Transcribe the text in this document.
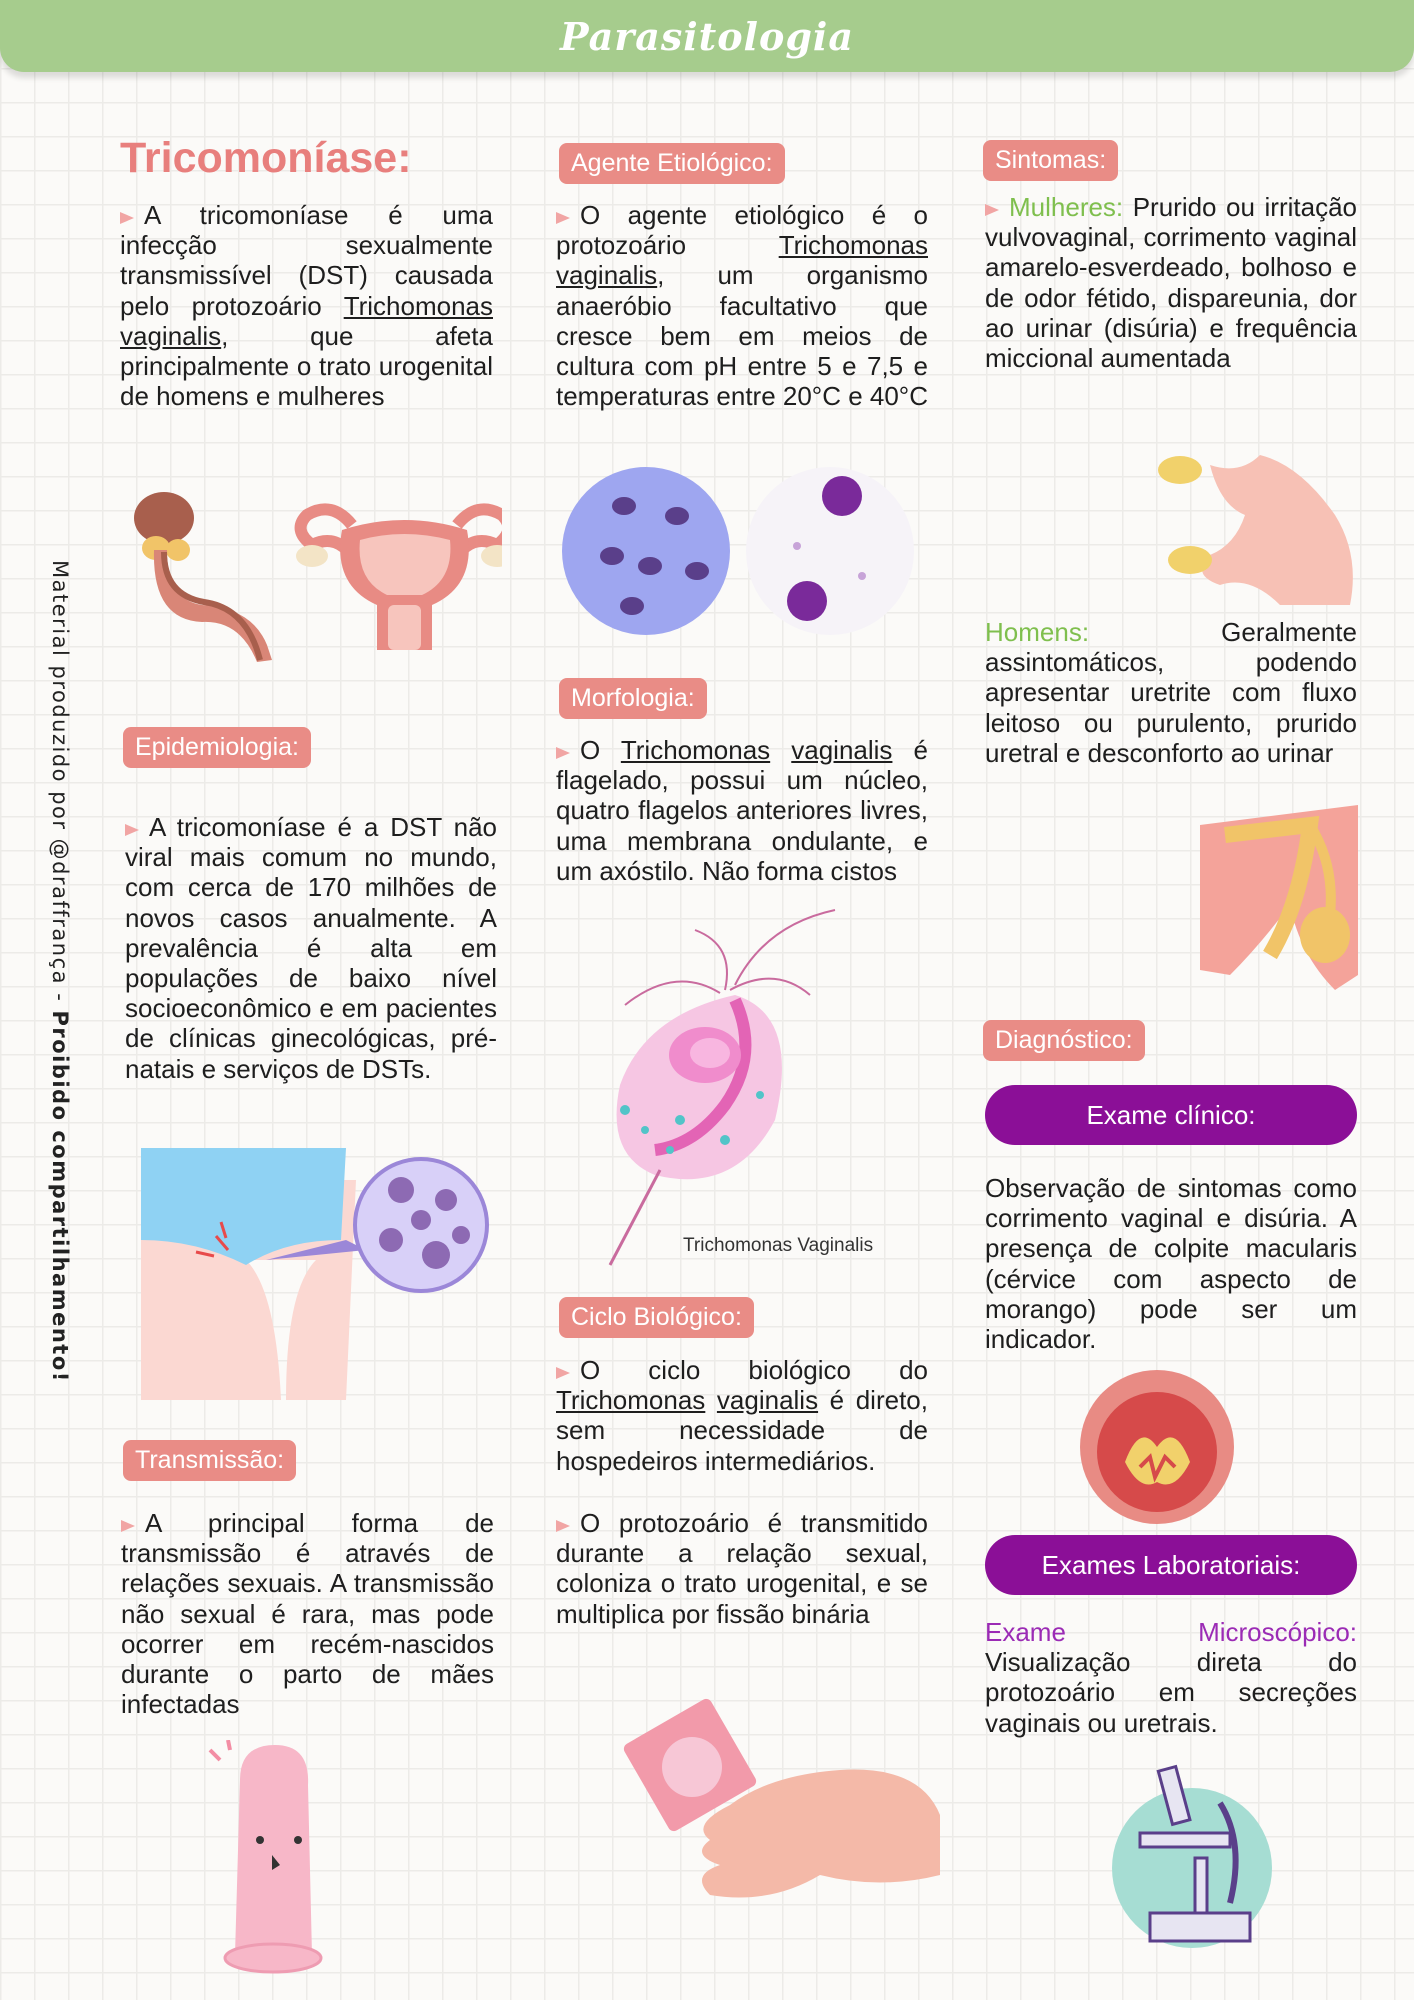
Parasitologia
Material produzido por @draffrança - Proibido compartilhamento!
Tricomoníase:
A tricomoníase é uma infecção sexualmente transmissível (DST) causada pelo protozoário Trichomonas vaginalis, que afeta principalmente o trato urogenital de homens e mulheres
Epidemiologia:
A tricomoníase é a DST não viral mais comum no mundo, com cerca de 170 milhões de novos casos anualmente. A prevalência é alta em populações de baixo nível socioeconômico e em pacientes de clínicas ginecológicas, pré-natais e serviços de DSTs.
Transmissão:
A principal forma de transmissão é através de relações sexuais. A transmissão não sexual é rara, mas pode ocorrer em recém-nascidos durante o parto de mães infectadas
Agente Etiológico:
O agente etiológico é o protozoário Trichomonas vaginalis, um organismo anaeróbio facultativo que cresce bem em meios de cultura com pH entre 5 e 7,5 e temperaturas entre 20°C e 40°C
Morfologia:
O Trichomonas vaginalis é flagelado, possui um núcleo, quatro flagelos anteriores livres, uma membrana ondulante, e um axóstilo. Não forma cistos
Trichomonas Vaginalis
Ciclo Biológico:
O ciclo biológico do Trichomonas vaginalis é direto, sem necessidade de hospedeiros intermediários.
O protozoário é transmitido durante a relação sexual, coloniza o trato urogenital, e se multiplica por fissão binária
Sintomas:
Mulheres: Prurido ou irritação vulvovaginal, corrimento vaginal amarelo-esverdeado, bolhoso e de odor fétido, dispareunia, dor ao urinar (disúria) e frequência miccional aumentada
Homens: Geralmente assintomáticos, podendo apresentar uretrite com fluxo leitoso ou purulento, prurido uretral e desconforto ao urinar
Diagnóstico:
Exame clínico:
Observação de sintomas como corrimento vaginal e disúria. A presença de colpite macularis (cérvice com aspecto de morango) pode ser um indicador.
Exames Laboratoriais:
Exame Microscópico: Visualização direta do protozoário em secreções vaginais ou uretrais.
